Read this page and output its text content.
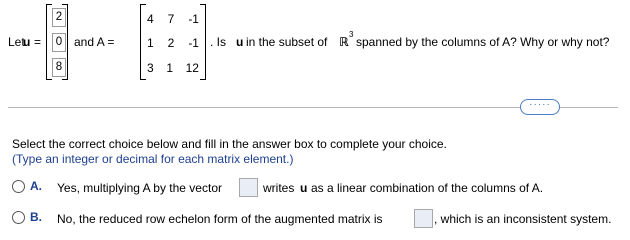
Let
u
2
0
8
=	and A =
4 7 -1
1 2 -1
3 1 12
. Is u in the subset of ℝ
3
spanned by the columns of A? Why or why not?
·····
Select the correct choice below and fill in the answer box to complete your choice.
(Type an integer or decimal for each matrix element.)
A. Yes, multiplying A by the vector	writes u as a linear combination of the columns of A.
B. No, the reduced row echelon form of the augmented matrix is	, which is an inconsistent system.
